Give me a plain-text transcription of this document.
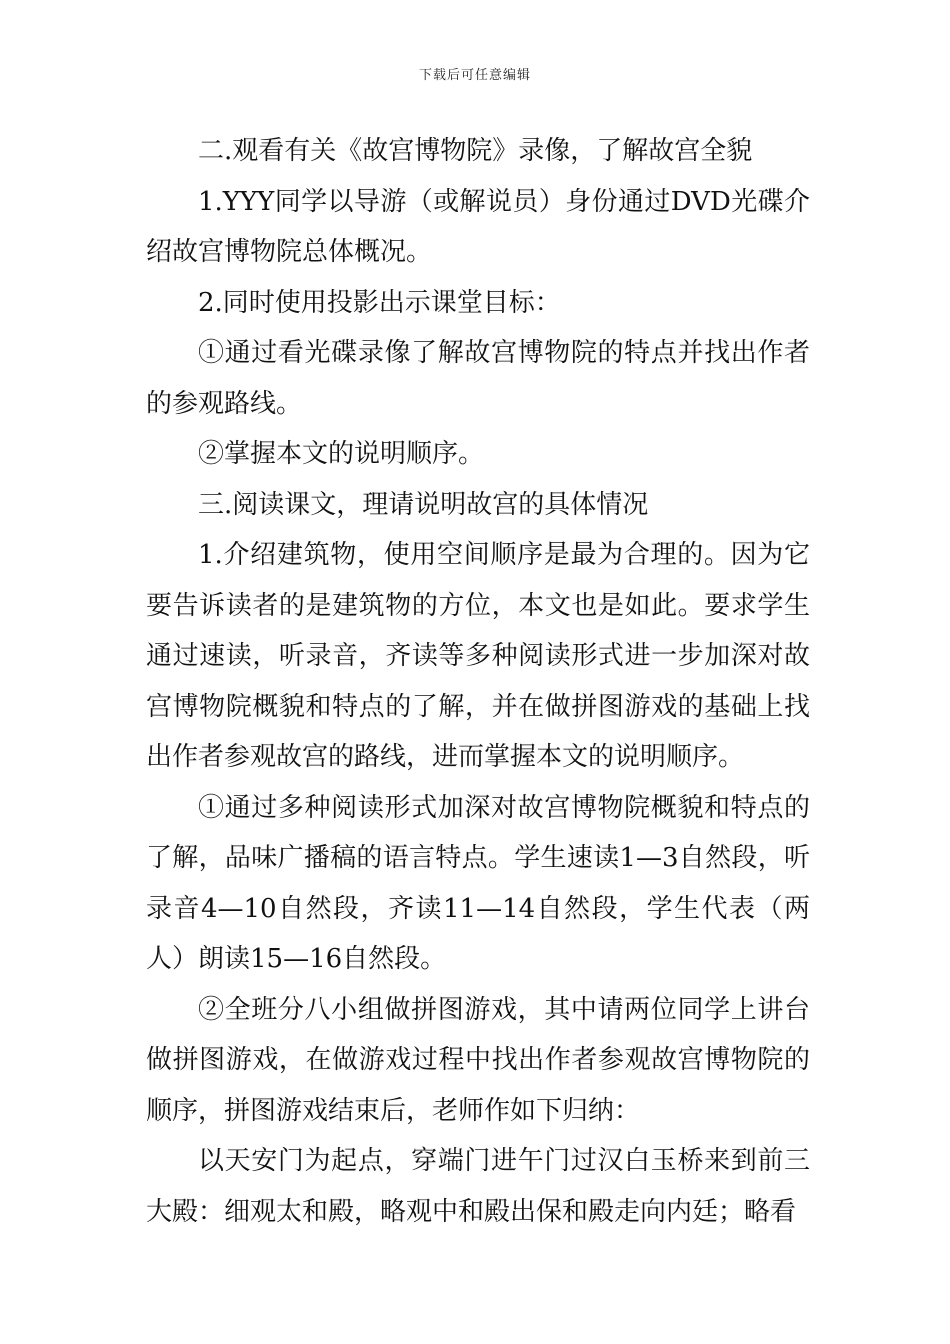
下载后可任意编辑

二.观看有关《故宫博物院》录像，了解故宫全貌

1.YYY同学以导游（或解说员）身份通过DVD光碟介绍故宫博物院总体概况。

2.同时使用投影出示课堂目标：

①通过看光碟录像了解故宫博物院的特点并找出作者的参观路线。

②掌握本文的说明顺序。

三.阅读课文，理请说明故宫的具体情况

1.介绍建筑物，使用空间顺序是最为合理的。因为它要告诉读者的是建筑物的方位，本文也是如此。要求学生通过速读，听录音，齐读等多种阅读形式进一步加深对故宫博物院概貌和特点的了解，并在做拼图游戏的基础上找出作者参观故宫的路线，进而掌握本文的说明顺序。

①通过多种阅读形式加深对故宫博物院概貌和特点的了解，品味广播稿的语言特点。学生速读1—3自然段，听录音4—10自然段，齐读11—14自然段，学生代表（两人）朗读15—16自然段。

②全班分八小组做拼图游戏，其中请两位同学上讲台做拼图游戏，在做游戏过程中找出作者参观故宫博物院的顺序，拼图游戏结束后，老师作如下归纳：

以天安门为起点，穿端门进午门过汉白玉桥来到前三大殿：细观太和殿，略观中和殿出保和殿走向内廷；略看
